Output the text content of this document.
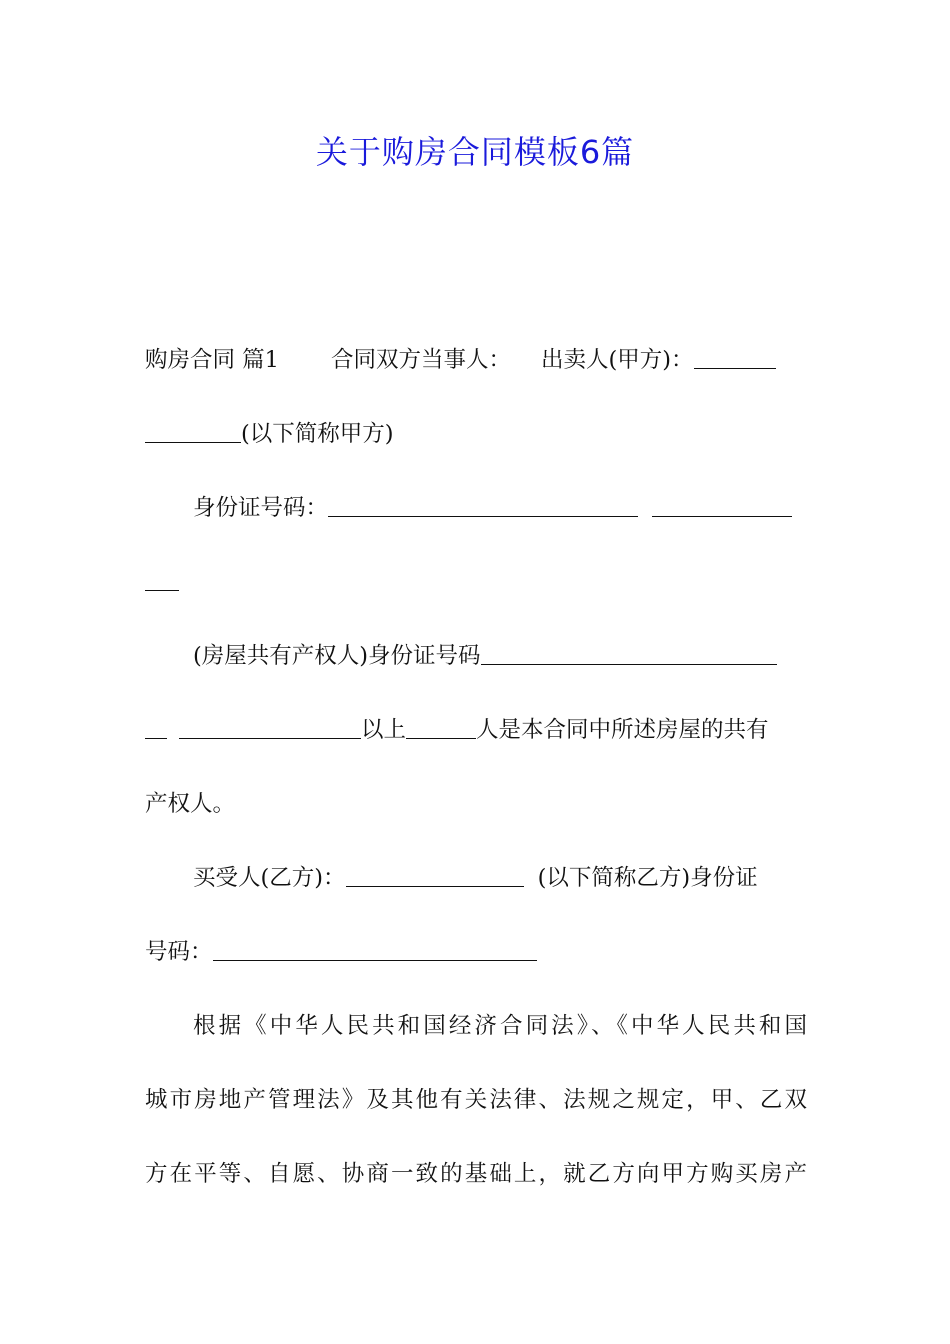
关于购房合同模板6篇
购房合同 篇1 合同双方当事人： 出卖人(甲方)：
(以下简称甲方)
身份证号码：
(房屋共有产权人)身份证号码
以上	人是本合同中所述房屋的共有
产权人。
买受人(乙方)：	(以下简称乙方)身份证
号码：
根据《中华人民共和国经济合同法》、《中华人民共和国
城市房地产管理法》及其他有关法律、法规之规定，甲、乙双
方在平等、自愿、协商一致的基础上，就乙方向甲方购买房产
